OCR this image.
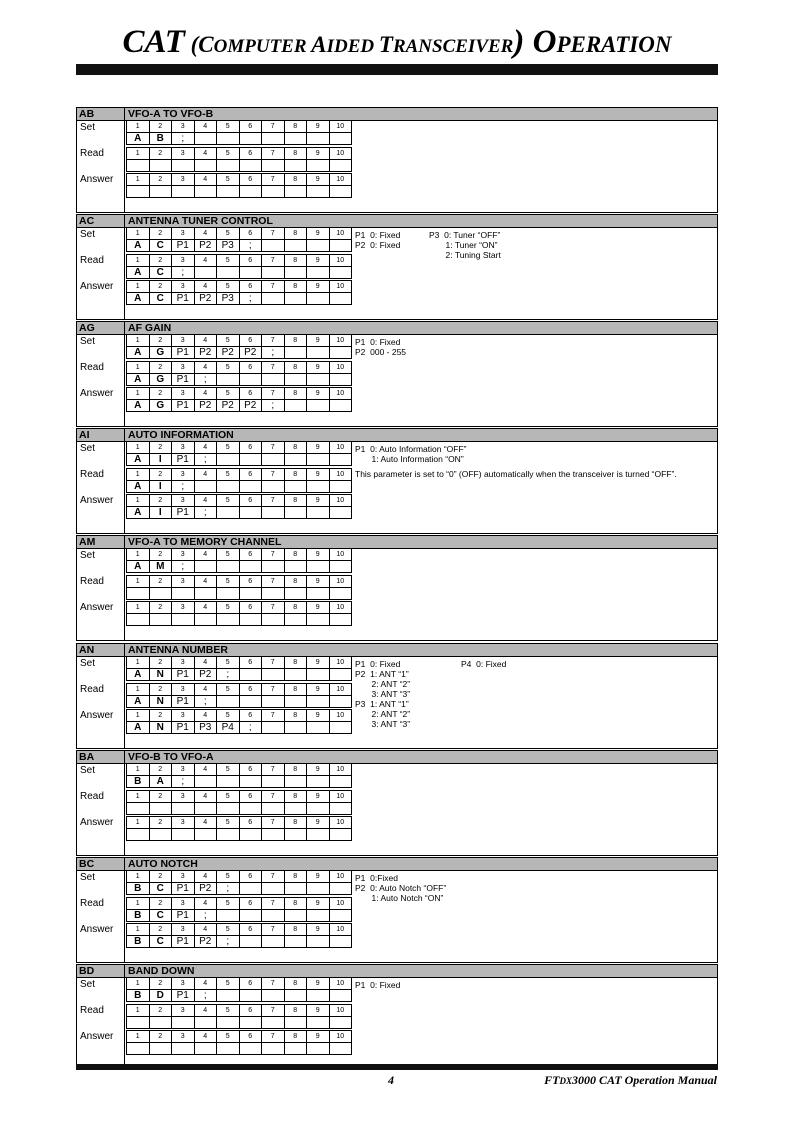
CAT (COMPUTER AIDED TRANSCEIVER) OPERATION
AB	VFO-A TO VFO-B
Set	1	2	3	4	5	6	7	8	9	10
A	B	;							
Read	1	2	3	4	5	6	7	8	9	10

Answer	1	2	3	4	5	6	7	8	9	10

AC	ANTENNA TUNER CONTROL
Set	1	2	3	4	5	6	7	8	9	10
A	C	P1	P2	P3	;				
Read	1	2	3	4	5	6	7	8	9	10
A	C	;							
Answer	1	2	3	4	5	6	7	8	9	10
A	C	P1	P2	P3	;				
P1  0: Fixed
P2  0: Fixed
P3  0: Tuner “OFF”
1: Tuner “ON”
2: Tuning Start
AG	AF GAIN
Set	1	2	3	4	5	6	7	8	9	10
A	G	P1	P2	P2	P2	;			
Read	1	2	3	4	5	6	7	8	9	10
A	G	P1	;						
Answer	1	2	3	4	5	6	7	8	9	10
A	G	P1	P2	P2	P2	;			
P1  0: Fixed
P2  000 - 255
AI	AUTO INFORMATION
Set	1	2	3	4	5	6	7	8	9	10
A	I	P1	;						
Read	1	2	3	4	5	6	7	8	9	10
A	I	;							
Answer	1	2	3	4	5	6	7	8	9	10
A	I	P1	;						
P1  0: Auto Information “OFF”
1: Auto Information “ON”
This parameter is set to “0” (OFF) automatically when the transceiver is turned “OFF”.
AM	VFO-A TO MEMORY CHANNEL
Set	1	2	3	4	5	6	7	8	9	10
A	M	;							
Read	1	2	3	4	5	6	7	8	9	10

Answer	1	2	3	4	5	6	7	8	9	10

AN	ANTENNA NUMBER
Set	1	2	3	4	5	6	7	8	9	10
A	N	P1	P2	;					
Read	1	2	3	4	5	6	7	8	9	10
A	N	P1	;						
Answer	1	2	3	4	5	6	7	8	9	10
A	N	P1	P3	P4	;				
P1  0: Fixed
P2  1: ANT “1”
2: ANT “2”
3: ANT “3”
P3  1: ANT “1”
2: ANT “2”
3: ANT “3”
P4  0: Fixed
BA	VFO-B TO VFO-A
Set	1	2	3	4	5	6	7	8	9	10
B	A	;							
Read	1	2	3	4	5	6	7	8	9	10

Answer	1	2	3	4	5	6	7	8	9	10

BC	AUTO NOTCH
Set	1	2	3	4	5	6	7	8	9	10
B	C	P1	P2	;					
Read	1	2	3	4	5	6	7	8	9	10
B	C	P1	;						
Answer	1	2	3	4	5	6	7	8	9	10
B	C	P1	P2	;					
P1  0:Fixed
P2  0: Auto Notch “OFF”
1: Auto Notch “ON”
BD	BAND DOWN
Set	1	2	3	4	5	6	7	8	9	10
B	D	P1	;						
Read	1	2	3	4	5	6	7	8	9	10

Answer	1	2	3	4	5	6	7	8	9	10

P1  0: Fixed
4	FTDX3000 CAT Operation Manual
